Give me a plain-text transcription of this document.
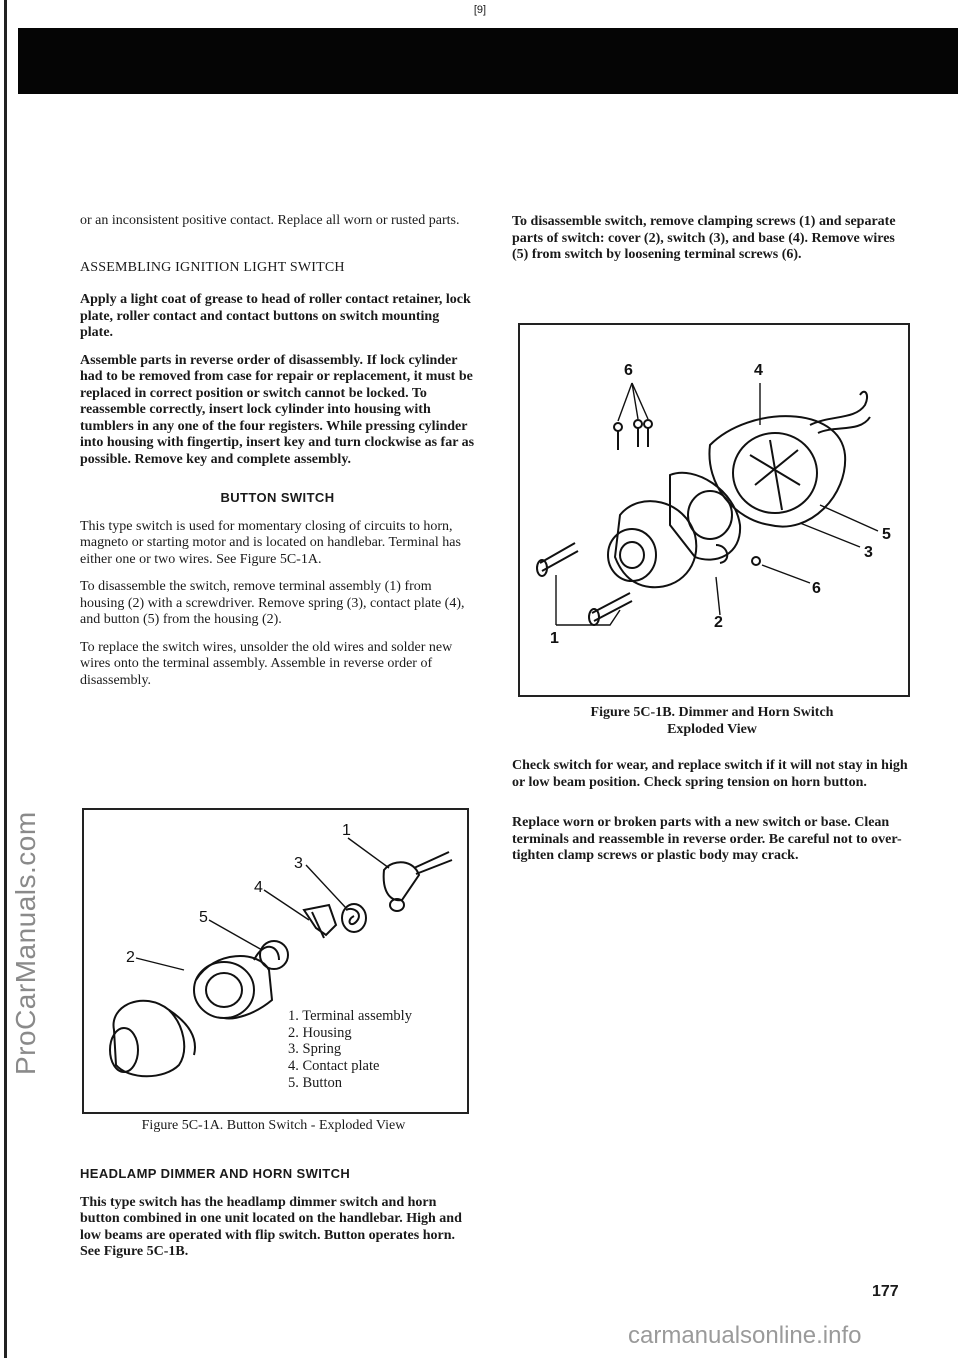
[9]
ProCarManuals.com

or an inconsistent positive contact. Replace all worn or rusted parts.

ASSEMBLING IGNITION LIGHT SWITCH

Apply a light coat of grease to head of roller contact retainer, lock plate, roller contact and contact buttons on switch mounting plate.

Assemble parts in reverse order of disassembly. If lock cylinder had to be removed from case for repair or replacement, it must be replaced in correct position or switch cannot be locked. To reassemble correctly, insert lock cylinder into housing with tumblers in any one of the four registers. While pressing cylinder into housing with fingertip, insert key and turn clockwise as far as possible. Remove key and complete assembly.

BUTTON SWITCH

This type switch is used for momentary closing of circuits to horn, magneto or starting motor and is located on handlebar. Terminal has either one or two wires. See Figure 5C-1A.

To disassemble the switch, remove terminal assembly (1) from housing (2) with a screwdriver. Remove spring (3), contact plate (4), and button (5) from the housing (2).

To replace the switch wires, unsolder the old wires and solder new wires onto the terminal assembly. Assemble in reverse order of disassembly.

1
3
4
5
2
1. Terminal assembly
2. Housing
3. Spring
4. Contact plate
5. Button
Figure 5C-1A. Button Switch - Exploded View

HEADLAMP DIMMER AND HORN SWITCH

This type switch has the headlamp dimmer switch and horn button combined in one unit located on the handlebar. High and low beams are operated with flip switch. Button operates horn. See Figure 5C-1B.

To disassemble switch, remove clamping screws (1) and separate parts of switch: cover (2), switch (3), and base (4). Remove wires (5) from switch by loosening terminal screws (6).

6	4
5
3
6
2
1
Figure 5C-1B. Dimmer and Horn Switch
Exploded View

Check switch for wear, and replace switch if it will not stay in high or low beam position. Check spring tension on horn button.

Replace worn or broken parts with a new switch or base. Clean terminals and reassemble in reverse order. Be careful not to over-tighten clamp screws or plastic body may crack.

177
carmanualsonline.info
